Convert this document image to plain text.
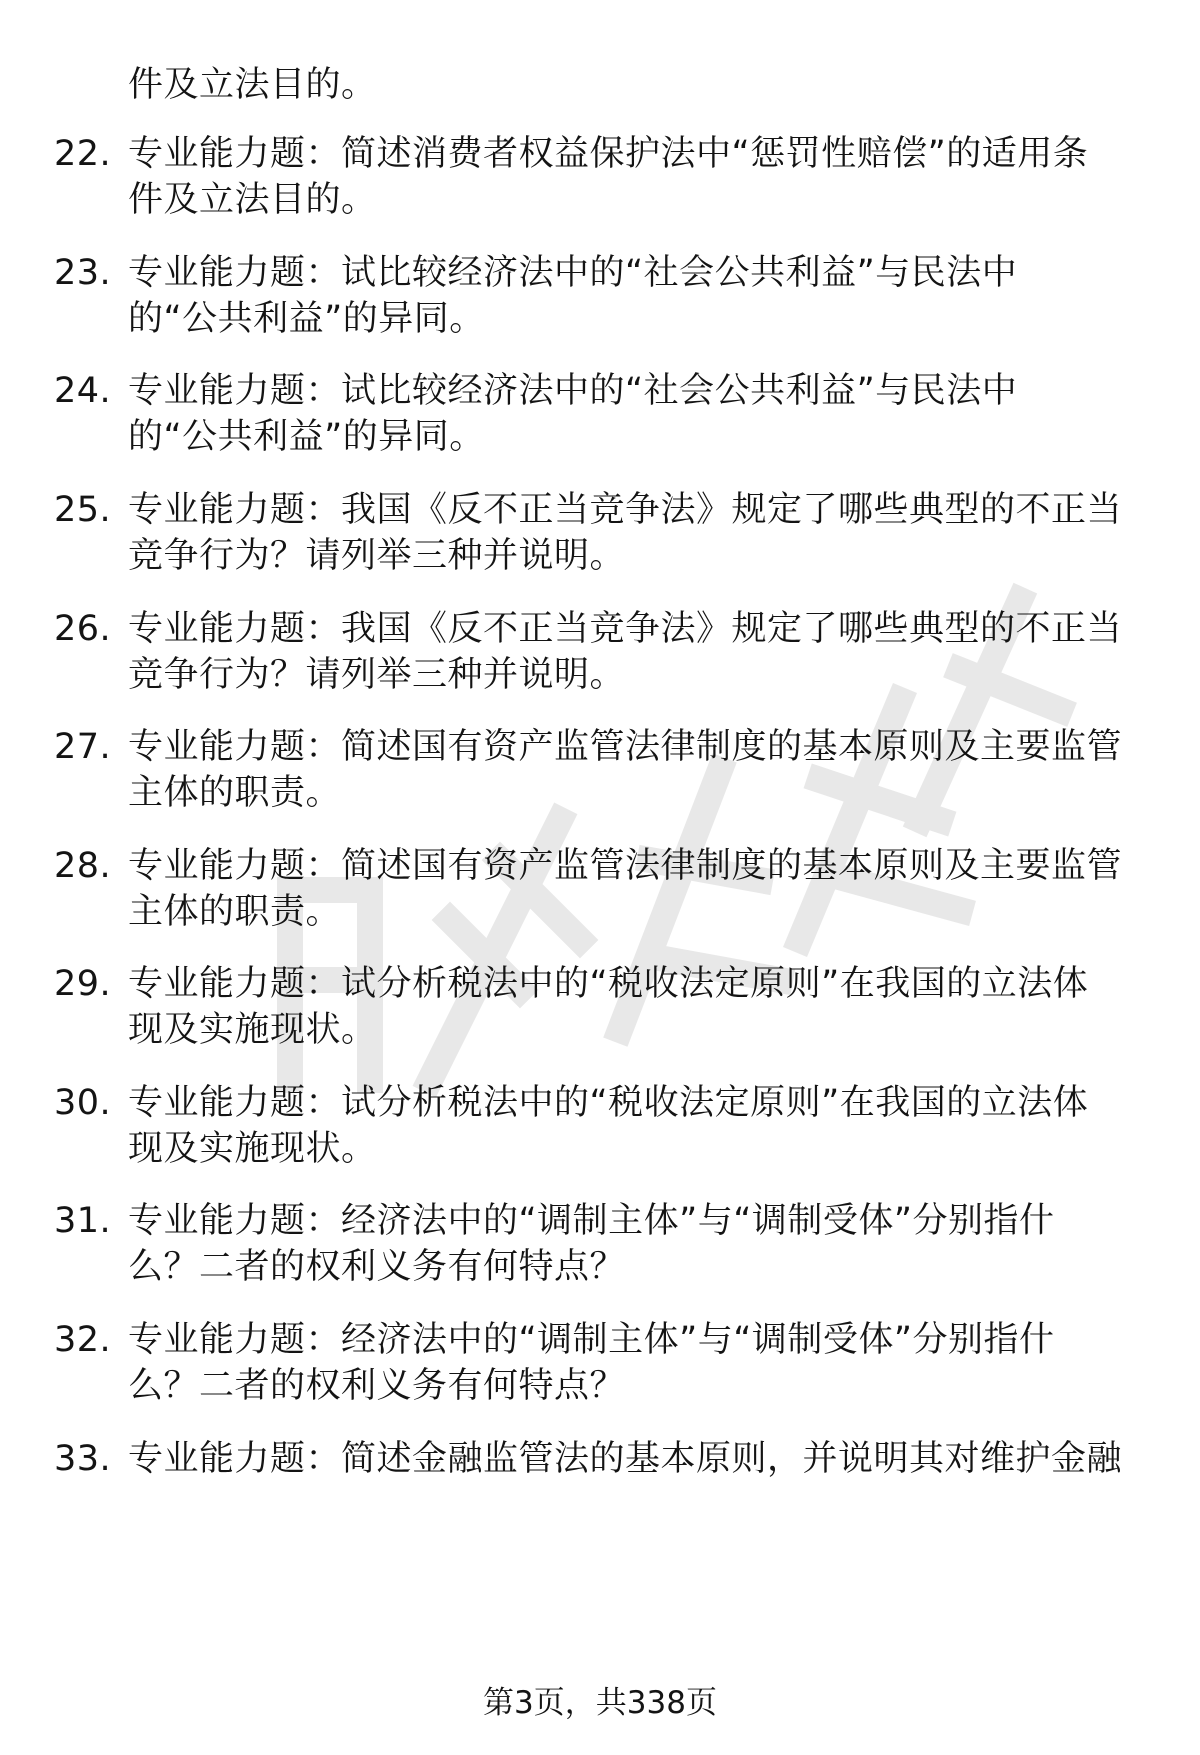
件及立法目的。
22. 专业能力题：简述消费者权益保护法中“惩罚性赔偿”的适用条
件及立法目的。
23. 专业能力题：试比较经济法中的“社会公共利益”与民法中
的“公共利益”的异同。
24. 专业能力题：试比较经济法中的“社会公共利益”与民法中
的“公共利益”的异同。
25. 专业能力题：我国《反不正当竞争法》规定了哪些典型的不正当
竞争行为？请列举三种并说明。
26. 专业能力题：我国《反不正当竞争法》规定了哪些典型的不正当
竞争行为？请列举三种并说明。
27. 专业能力题：简述国有资产监管法律制度的基本原则及主要监管
主体的职责。
28. 专业能力题：简述国有资产监管法律制度的基本原则及主要监管
主体的职责。
29. 专业能力题：试分析税法中的“税收法定原则”在我国的立法体
现及实施现状。
30. 专业能力题：试分析税法中的“税收法定原则”在我国的立法体
现及实施现状。
31. 专业能力题：经济法中的“调制主体”与“调制受体”分别指什
么？二者的权利义务有何特点？
32. 专业能力题：经济法中的“调制主体”与“调制受体”分别指什
么？二者的权利义务有何特点？
33. 专业能力题：简述金融监管法的基本原则，并说明其对维护金融
第3页，共338页
